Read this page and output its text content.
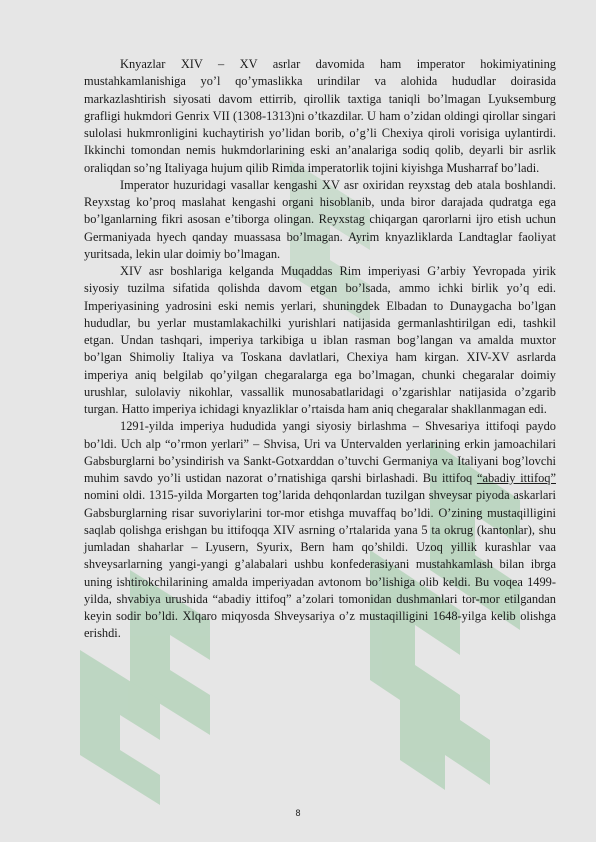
Knyazlar XIV – XV asrlar davomida ham imperator hokimiyatining mustahkamlanishiga yo’l qo’ymaslikka urindilar va alohida hududlar doirasida markazlashtirish siyosati davom ettirrib, qirollik taxtiga taniqli bo’lmagan Lyuksemburg grafligi hukmdori Genrix VII (1308-1313)ni o’tkazdilar. U ham o’zidan oldingi qirollar singari sulolasi hukmronligini kuchaytirish yo’lidan borib, o’g’li Chexiya qiroli vorisiga uylantirdi. Ikkinchi tomondan nemis hukmdorlarining eski an’analariga sodiq qolib, deyarli bir asrlik oraliqdan so’ng Italiyaga hujum qilib Rimda imperatorlik tojini kiyishga Musharraf bo’ladi.

Imperator huzuridagi vasallar kengashi XV asr oxiridan reyxstag deb atala boshlandi. Reyxstag ko’proq maslahat kengashi organi hisoblanib, unda biror darajada qudratga ega bo’lganlarning fikri asosan e’tiborga olingan. Reyxstag chiqargan qarorlarni ijro etish uchun Germaniyada hyech qanday muassasa bo’lmagan. Ayrim knyazliklarda Landtaglar faoliyat yuritsada, lekin ular doimiy bo’lmagan.

XIV asr boshlariga kelganda Muqaddas Rim imperiyasi G’arbiy Yevropada yirik siyosiy tuzilma sifatida qolishda davom etgan bo’lsada, ammo ichki birlik yo’q edi. Imperiyasining yadrosini eski nemis yerlari, shuningdek Elbadan to Dunaygacha bo’lgan hududlar, bu yerlar mustamlakachilki yurishlari natijasida germanlashtirilgan edi, tashkil etgan. Undan tashqari, imperiya tarkibiga u iblan rasman bog’langan va amalda muxtor bo’lgan Shimoliy Italiya va Toskana davlatlari, Chexiya ham kirgan. XIV-XV asrlarda imperiya aniq belgilab qo’yilgan chegaralarga ega bo’lmagan, chunki chegaralar doimiy urushlar, sulolaviy nikohlar, vassallik munosabatlaridagi o’zgarishlar natijasida o’zgarib turgan. Hatto imperiya ichidagi knyazliklar o’rtaisda ham aniq chegaralar shakllanmagan edi.

1291-yilda imperiya hududida yangi siyosiy birlashma – Shvesariya ittifoqi paydo bo’ldi. Uch alp “o’rmon yerlari” – Shvisa, Uri va Untervalden yerlarining erkin jamoachilari Gabsburglarni bo’ysindirish va Sankt-Gotxarddan o’tuvchi Germaniya va Italiyani bog’lovchi muhim savdo yo’li ustidan nazorat o’rnatishiga qarshi birlashadi. Bu ittifoq “abadiy ittifoq” nomini oldi. 1315-yilda Morgarten tog’larida dehqonlardan tuzilgan shveysar piyoda askarlari Gabsburglarning risar suvoriylarini tor-mor etishga muvaffaq bo’ldi. O’zining mustaqilligini saqlab qolishga erishgan bu ittifoqqa XIV asrning o’rtalarida yana 5 ta okrug (kantonlar), shu jumladan shaharlar – Lyusern, Syurix, Bern ham qo’shildi. Uzoq yillik kurashlar vaa shveysarlarning yangi-yangi g’alabalari ushbu konfederasiyani mustahkamlash bilan ibrga uning ishtirokchilarining amalda imperiyadan avtonom bo’lishiga olib keldi. Bu voqea 1499-yilda, shvabiya urushida “abadiy ittifoq” a’zolari tomonidan dushmanlari tor-mor etilgandan keyin sodir bo’ldi. Xlqaro miqyosda Shveysariya o’z mustaqilligini 1648-yilga kelib olishga erishdi.

8
